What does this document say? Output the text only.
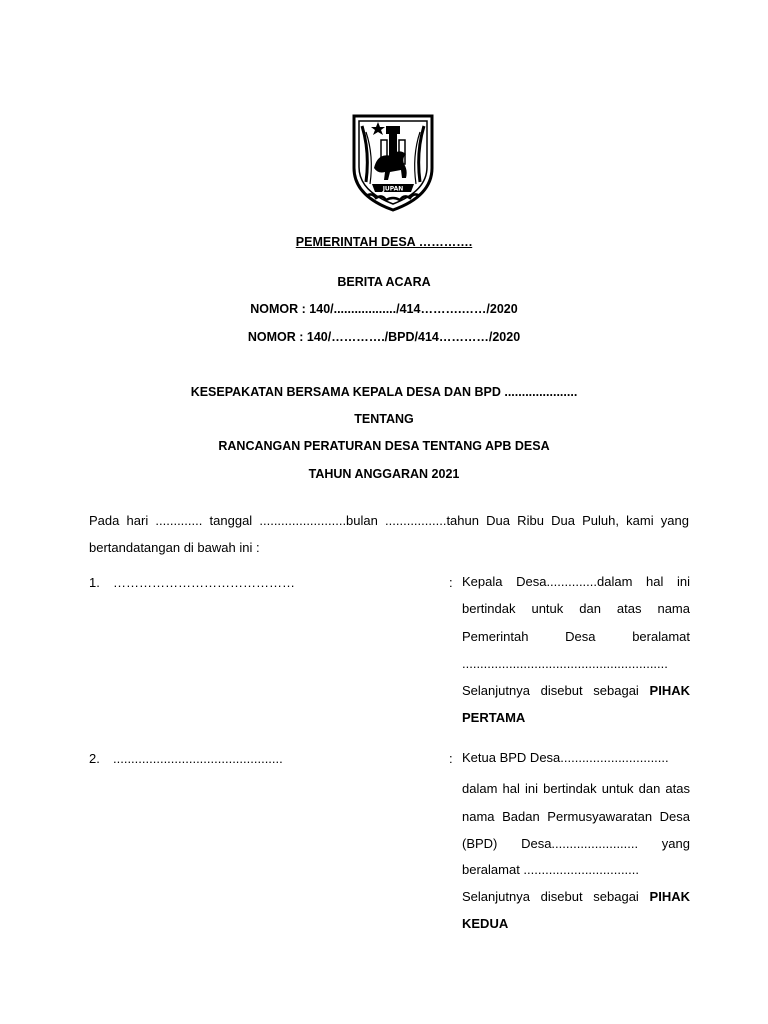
JUPAN
PEMERINTAH DESA ………….
BERITA ACARA
NOMOR : 140/................../414……….……/2020
NOMOR : 140/…………./BPD/414…………/2020
KESEPAKATAN BERSAMA KEPALA DESA DAN BPD .....................
TENTANG
RANCANGAN PERATURAN DESA TENTANG APB DESA
TAHUN ANGGARAN 2021
Pada hari ............. tanggal ........................bulan .................tahun Dua Ribu Dua Puluh, kami yang
bertandatangan di bawah ini :
1. ……………………………………	: Kepala Desa..............dalam hal ini
bertindak untuk dan atas nama
Pemerintah Desa beralamat
.........................................................
Selanjutnya disebut sebagai PIHAK
PERTAMA
2. ...............................................	: Ketua BPD Desa..............................
dalam hal ini bertindak untuk dan atas
nama Badan Permusyawaratan Desa
(BPD) Desa........................ yang
beralamat ................................
Selanjutnya disebut sebagai PIHAK
KEDUA
